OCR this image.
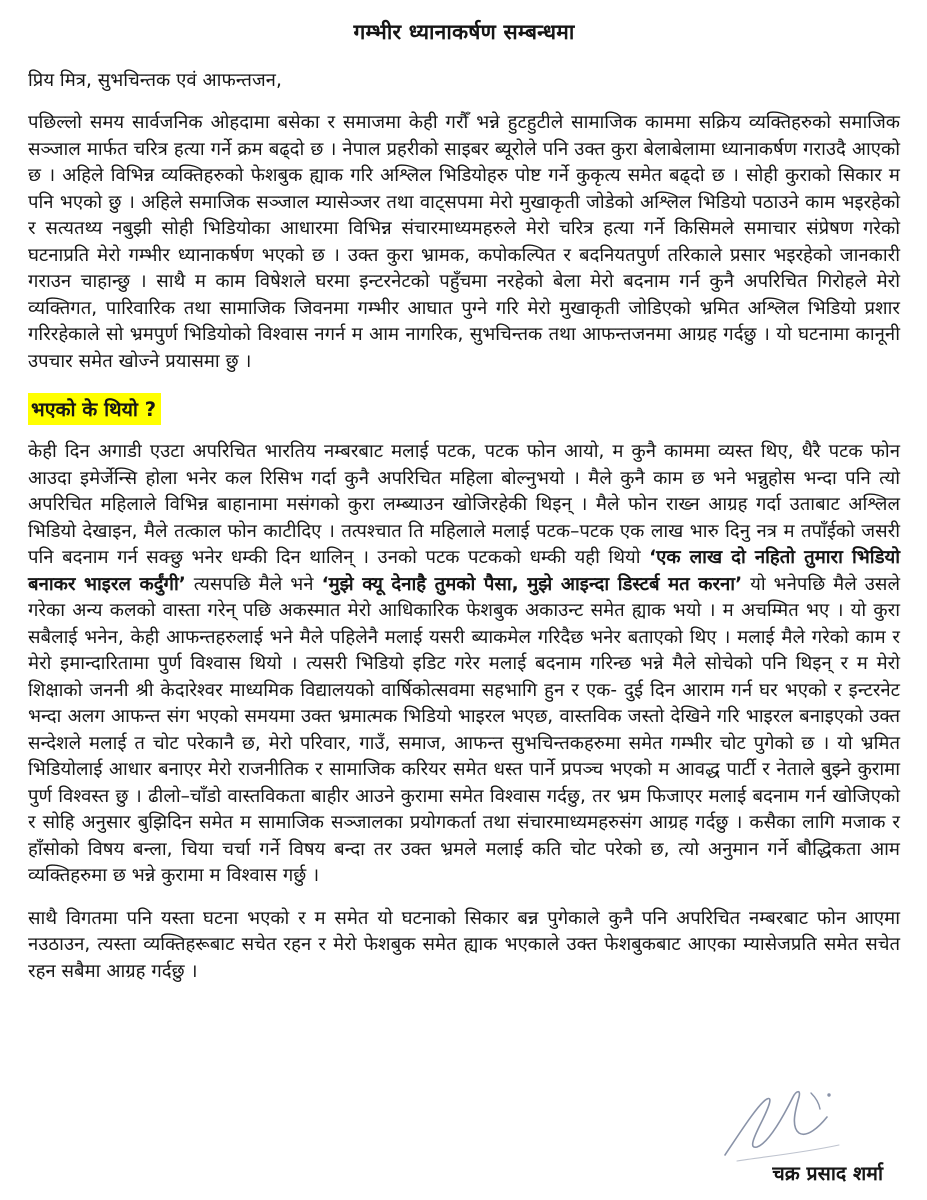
गम्भीर ध्यानाकर्षण सम्बन्धमा
प्रिय मित्र, सुभचिन्तक एवं आफन्तजन,

पछिल्लो समय सार्वजनिक ओहदामा बसेका र समाजमा केही गरौँ भन्ने हुटहुटीले सामाजिक काममा सक्रिय व्यक्तिहरुको समाजिक सञ्जाल मार्फत चरित्र हत्या गर्ने क्रम बढ्दो छ । नेपाल प्रहरीको साइबर ब्यूरोले पनि उक्त कुरा बेलाबेलामा ध्यानाकर्षण गराउदै आएको छ । अहिले विभिन्न व्यक्तिहरुको फेशबुक ह्याक गरि अश्लिल भिडियोहरु पोष्ट गर्ने कुकृत्य समेत बढ्दो छ । सोही कुराको सिकार म पनि भएको छु । अहिले समाजिक सञ्जाल म्यासेञ्जर तथा वाट्सपमा मेरो मुखाकृती जोडेको अश्लिल भिडियो पठाउने काम भइरहेको र सत्यतथ्य नबुझी सोही भिडियोका आधारमा विभिन्न संचारमाध्यमहरुले मेरो चरित्र हत्या गर्ने किसिमले समाचार संप्रेषण गरेको घटनाप्रति मेरो गम्भीर ध्यानाकर्षण भएको छ । उक्त कुरा भ्रामक, कपोकल्पित र बदनियतपुर्ण तरिकाले प्रसार भइरहेको जानकारी गराउन चाहान्छु । साथै म काम विषेशले घरमा इन्टरनेटको पहुँचमा नरहेको बेला मेरो बदनाम गर्न कुनै अपरिचित गिरोहले मेरो व्यक्तिगत, पारिवारिक तथा सामाजिक जिवनमा गम्भीर आघात पुग्ने गरि मेरो मुखाकृती जोडिएको भ्रमित अश्लिल भिडियो प्रशार गरिरहेकाले सो भ्रमपुर्ण भिडियोको विश्वास नगर्न म आम नागरिक, सुभचिन्तक तथा आफन्तजनमा आग्रह गर्दछु । यो घटनामा कानूनी उपचार समेत खोज्ने प्रयासमा छु ।

भएको के थियो ?

केही दिन अगाडी एउटा अपरिचित भारतिय नम्बरबाट मलाई पटक, पटक फोन आयो, म कुनै काममा व्यस्त थिए, धैरै पटक फोन आउदा इमेर्जेन्सि होला भनेर कल रिसिभ गर्दा कुनै अपरिचित महिला बोल्नुभयो । मैले कुनै काम छ भने भन्नुहोस भन्दा पनि त्यो अपरिचित महिलाले विभिन्न बाहानामा मसंगको कुरा लम्ब्याउन खोजिरहेकी थिइन् । मैले फोन राख्न आग्रह गर्दा उताबाट अश्लिल भिडियो देखाइन, मैले तत्काल फोन काटीदिए । तत्पश्चात ति महिलाले मलाई पटक–पटक एक लाख भारु दिनु नत्र म तपाँईको जसरी पनि बदनाम गर्न सक्छु भनेर धम्की दिन थालिन् । उनको पटक पटकको धम्की यही थियो ‘एक लाख दो नहितो तुमारा भिडियो बनाकर भाइरल कर्दुंगी’ त्यसपछि मैले भने ‘मुझे क्यू देनाहै तुमको पैसा, मुझे आइन्दा डिस्टर्ब मत करना’ यो भनेपछि मैले उसले गरेका अन्य कलको वास्ता गरेन् पछि अकस्मात मेरो आधिकारिक फेशबुक अकाउन्ट समेत ह्याक भयो । म अचम्मित भए । यो कुरा सबैलाई भनेन, केही आफन्तहरुलाई भने मैले पहिलेनै मलाई यसरी ब्याकमेल गरिदैछ भनेर बताएको थिए । मलाई मैले गरेको काम र मेरो इमान्दारितामा पुर्ण विश्वास थियो । त्यसरी भिडियो इडिट गरेर मलाई बदनाम गरिन्छ भन्ने मैले सोचेको पनि थिइन् र म मेरो शिक्षाको जननी श्री केदारेश्वर माध्यमिक विद्यालयको वार्षिकोत्सवमा सहभागि हुन र एक- दुई दिन आराम गर्न घर भएको र इन्टरनेट भन्दा अलग आफन्त संग भएको समयमा उक्त भ्रमात्मक भिडियो भाइरल भएछ, वास्तविक जस्तो देखिने गरि भाइरल बनाइएको उक्त सन्देशले मलाई त चोट परेकानै छ, मेरो परिवार, गाउँ, समाज, आफन्त सुभचिन्तकहरुमा समेत गम्भीर चोट पुगेको छ । यो भ्रमित भिडियोलाई आधार बनाएर मेरो राजनीतिक र सामाजिक करियर समेत धस्त पार्ने प्रपञ्च भएको म आवद्ध पार्टी र नेताले बुझ्ने कुरामा पुर्ण विश्वस्त छु । ढीलो–चाँडो वास्तविकता बाहीर आउने कुरामा समेत विश्वास गर्दछु, तर भ्रम फिजाएर मलाई बदनाम गर्न खोजिएको र सोहि अनुसार बुझिदिन समेत म सामाजिक सञ्जालका प्रयोगकर्ता तथा संचारमाध्यमहरुसंग आग्रह गर्दछु । कसैका लागि मजाक र हाँसोको विषय बन्ला, चिया चर्चा गर्ने विषय बन्दा तर उक्त भ्रमले मलाई कति चोट परेको छ, त्यो अनुमान गर्ने बौद्धिकता आम व्यक्तिहरुमा छ भन्ने कुरामा म विश्वास गर्छु ।

साथै विगतमा पनि यस्ता घटना भएको र म समेत यो घटनाको सिकार बन्न पुगेकाले कुनै पनि अपरिचित नम्बरबाट फोन आएमा नउठाउन, त्यस्ता व्यक्तिहरूबाट सचेत रहन र मेरो फेशबुक समेत ह्याक भएकाले उक्त फेशबुकबाट आएका म्यासेजप्रति समेत सचेत रहन सबैमा आग्रह गर्दछु ।

चक्र प्रसाद शर्मा
